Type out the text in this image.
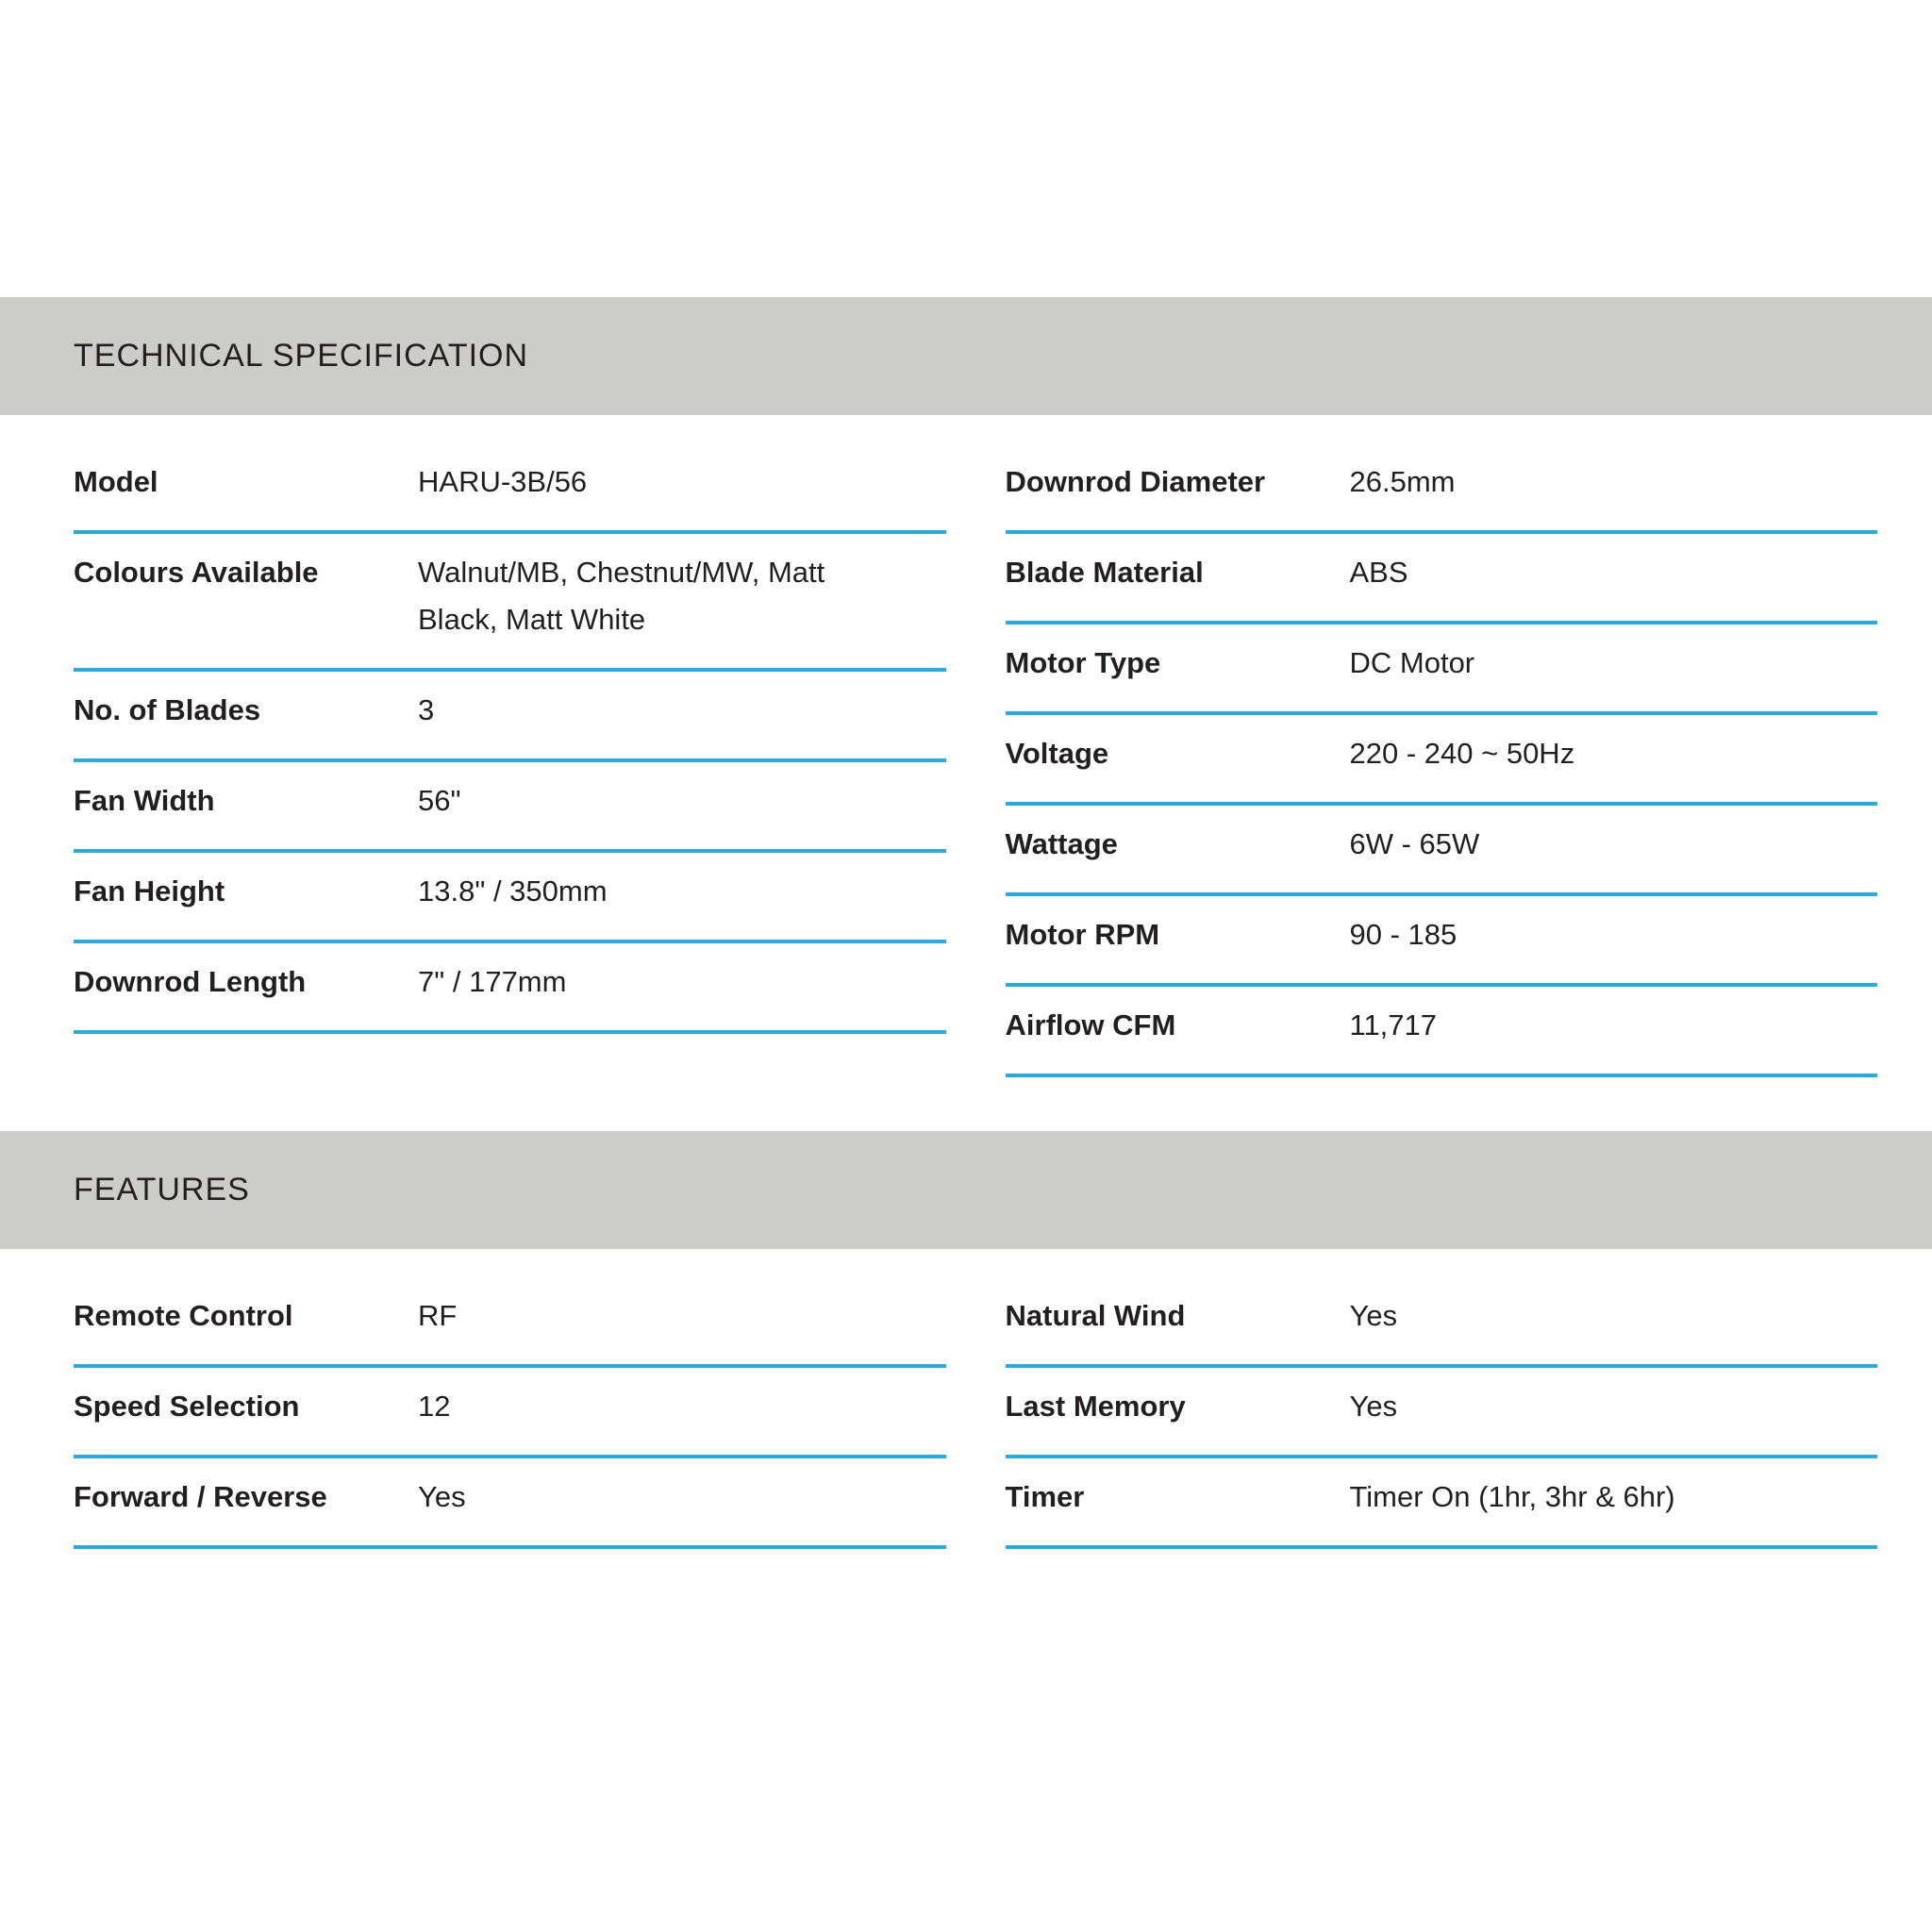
TECHNICAL SPECIFICATION
Model	HARU-3B/56
Colours Available	Walnut/MB, Chestnut/MW, Matt Black, Matt White
No. of Blades	3
Fan Width	56"
Fan Height	13.8" / 350mm
Downrod Length	7" / 177mm
Downrod Diameter	26.5mm
Blade Material	ABS
Motor Type	DC Motor
Voltage	220 - 240 ~ 50Hz
Wattage	6W - 65W
Motor RPM	90 - 185
Airflow CFM	11,717
FEATURES
Remote Control	RF
Speed Selection	12
Forward / Reverse	Yes
Natural Wind	Yes
Last Memory	Yes
Timer	Timer On (1hr, 3hr & 6hr)
